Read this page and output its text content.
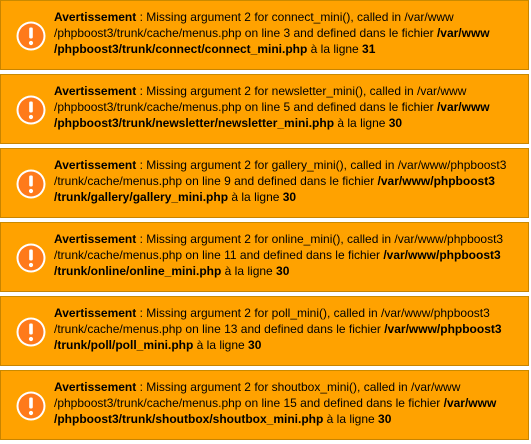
Avertissement : Missing argument 2 for connect_mini(), called in /var/www
/phpboost3/trunk/cache/menus.php on line 3 and defined dans le fichier /var/www
/phpboost3/trunk/connect/connect_mini.php à la ligne 31
Avertissement : Missing argument 2 for newsletter_mini(), called in /var/www
/phpboost3/trunk/cache/menus.php on line 5 and defined dans le fichier /var/www
/phpboost3/trunk/newsletter/newsletter_mini.php à la ligne 30
Avertissement : Missing argument 2 for gallery_mini(), called in /var/www/phpboost3
/trunk/cache/menus.php on line 9 and defined dans le fichier /var/www/phpboost3
/trunk/gallery/gallery_mini.php à la ligne 30
Avertissement : Missing argument 2 for online_mini(), called in /var/www/phpboost3
/trunk/cache/menus.php on line 11 and defined dans le fichier /var/www/phpboost3
/trunk/online/online_mini.php à la ligne 30
Avertissement : Missing argument 2 for poll_mini(), called in /var/www/phpboost3
/trunk/cache/menus.php on line 13 and defined dans le fichier /var/www/phpboost3
/trunk/poll/poll_mini.php à la ligne 30
Avertissement : Missing argument 2 for shoutbox_mini(), called in /var/www
/phpboost3/trunk/cache/menus.php on line 15 and defined dans le fichier /var/www
/phpboost3/trunk/shoutbox/shoutbox_mini.php à la ligne 30
